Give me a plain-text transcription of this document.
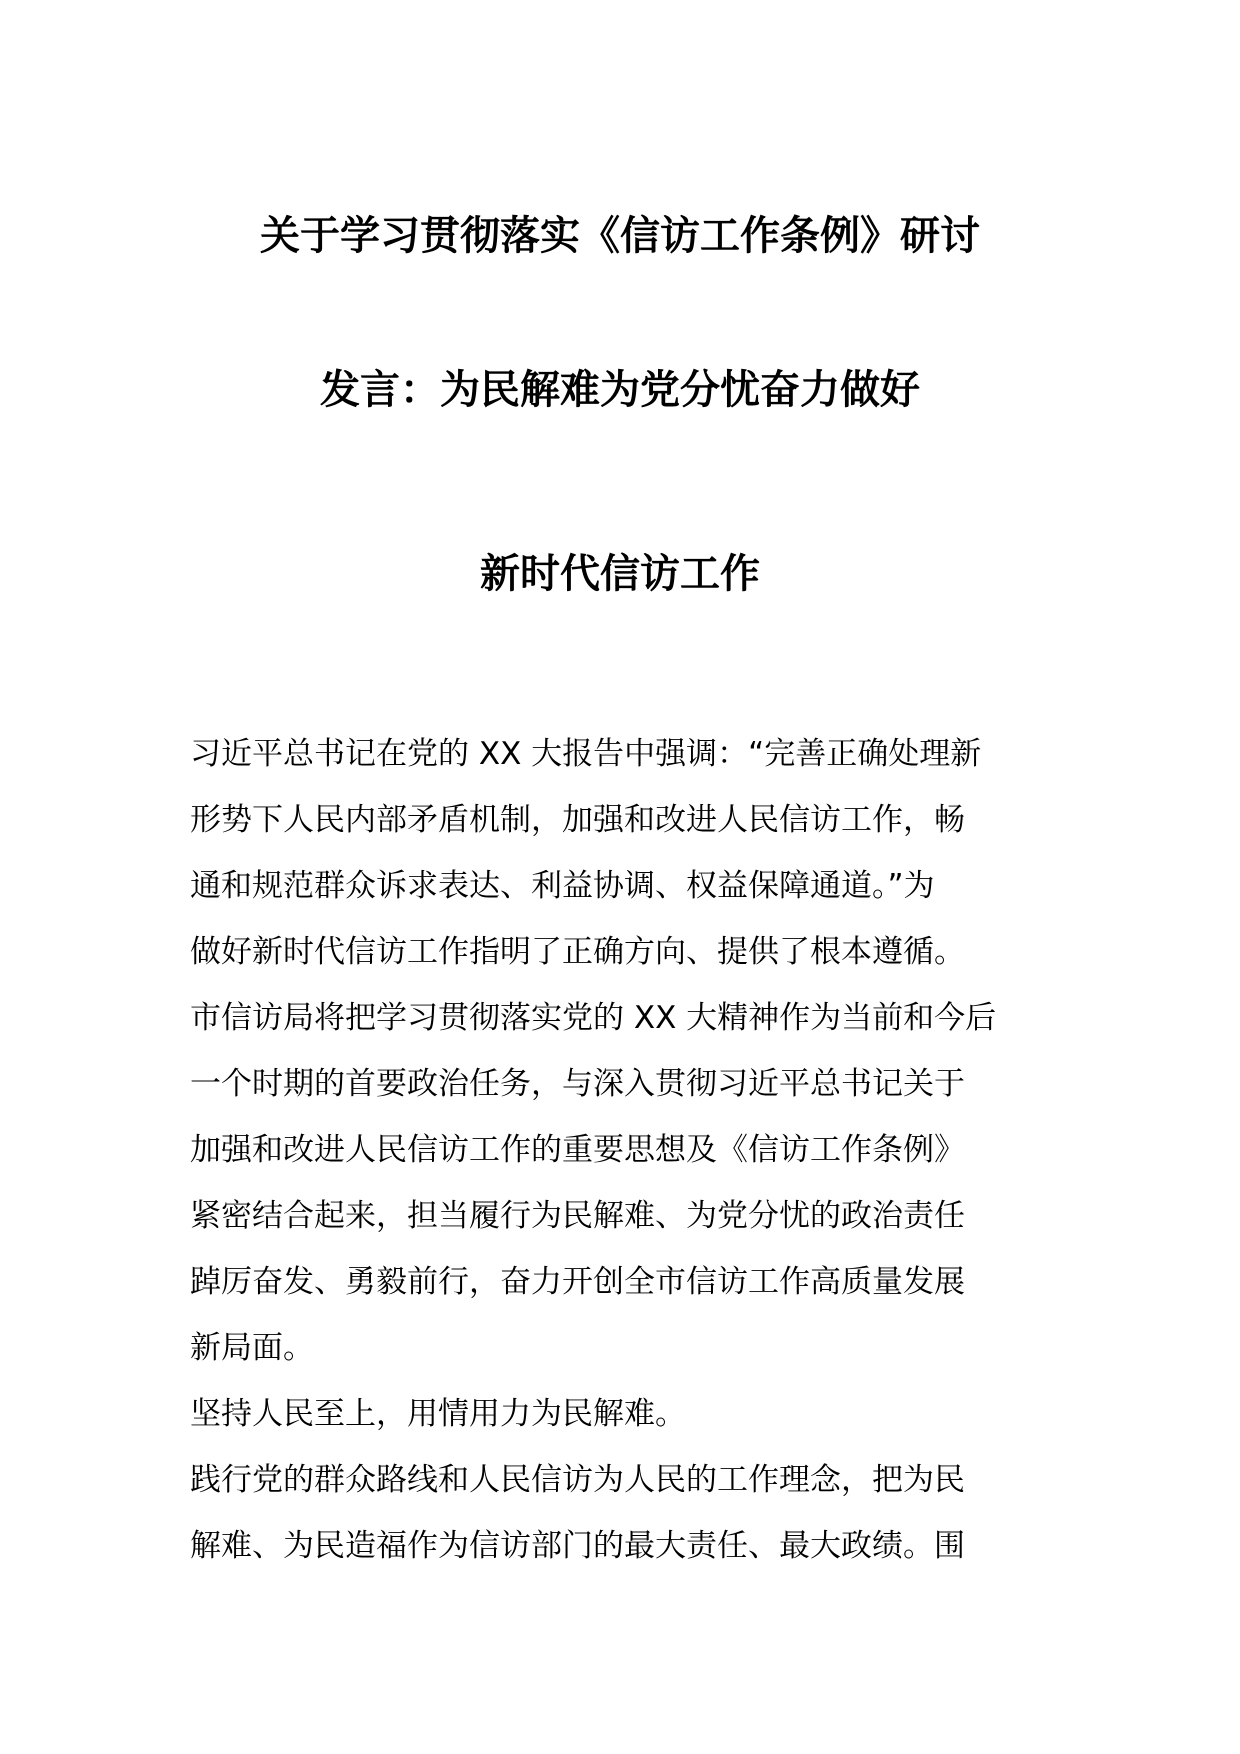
关于学习贯彻落实《信访工作条例》研讨
发言：为民解难为党分忧奋力做好
新时代信访工作
习近平总书记在党的 XX 大报告中强调：“完善正确处理新
形势下人民内部矛盾机制，加强和改进人民信访工作，畅
通和规范群众诉求表达、利益协调、权益保障通道。”为
做好新时代信访工作指明了正确方向、提供了根本遵循。
市信访局将把学习贯彻落实党的 XX 大精神作为当前和今后
一个时期的首要政治任务，与深入贯彻习近平总书记关于
加强和改进人民信访工作的重要思想及《信访工作条例》
紧密结合起来，担当履行为民解难、为党分忧的政治责任
踔厉奋发、勇毅前行，奋力开创全市信访工作高质量发展
新局面。
坚持人民至上，用情用力为民解难。
践行党的群众路线和人民信访为人民的工作理念，把为民
解难、为民造福作为信访部门的最大责任、最大政绩。围
